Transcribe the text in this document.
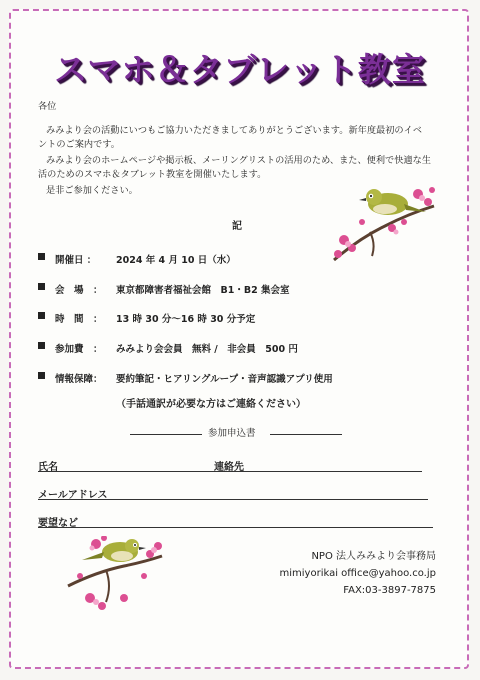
スマホ＆タブレット教室
各位
みみより会の活動にいつもご協力いただきましてありがとうございます。新年度最初のイベ
ントのご案内です。
みみより会のホームページや掲示板、メーリングリストの活用のため、また、便利で快適な生
活のためのスマホ＆タブレット教室を開催いたします。
是非ご参加ください。
記
開催日 ： 2024 年 4 月 10 日（水）
会　場　： 東京都障害者福祉会館　B1・B2 集会室
時　間　： 13 時 30 分～16 時 30 分予定
参加費　： みみより会会員　無料 /　非会員　500 円
情報保障： 要約筆記・ヒアリングループ・音声認識アプリ使用
（手話通訳が必要な方はご連絡ください）
参加申込書
氏名	連絡先
メールアドレス
要望など
NPO 法人みみより会事務局
mimiyorikai office@yahoo.co.jp
FAX:03-3897-7875
